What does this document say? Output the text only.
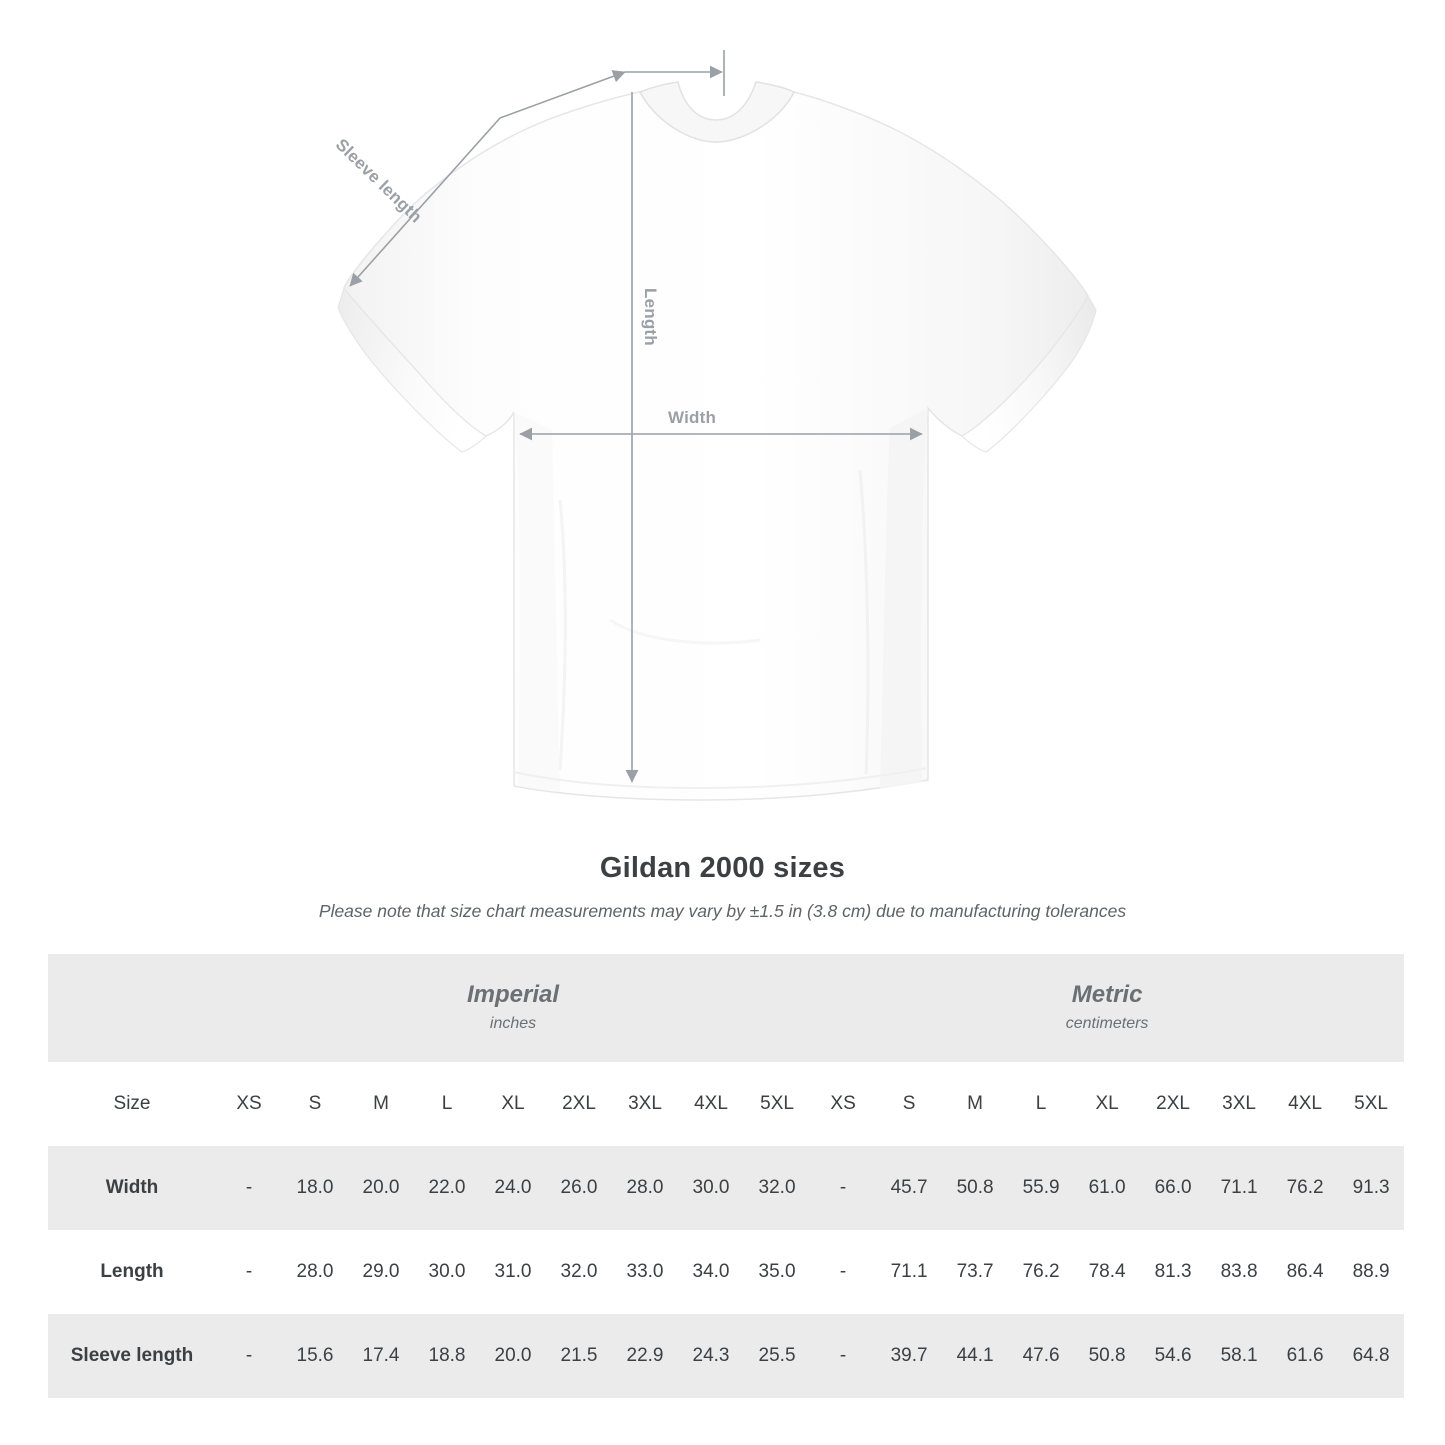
Sleeve length
Length
Width
Gildan 2000 sizes
Please note that size chart measurements may vary by ±1.5 in (3.8 cm) due to manufacturing tolerances

Imperial
inches

Metric
centimeters

Size	XS	S	M	L	XL	2XL	3XL	4XL	5XL	XS	S	M	L	XL	2XL	3XL	4XL	5XL
Width	-	18.0	20.0	22.0	24.0	26.0	28.0	30.0	32.0	-	45.7	50.8	55.9	61.0	66.0	71.1	76.2	91.3
Length	-	28.0	29.0	30.0	31.0	32.0	33.0	34.0	35.0	-	71.1	73.7	76.2	78.4	81.3	83.8	86.4	88.9
Sleeve length	-	15.6	17.4	18.8	20.0	21.5	22.9	24.3	25.5	-	39.7	44.1	47.6	50.8	54.6	58.1	61.6	64.8
